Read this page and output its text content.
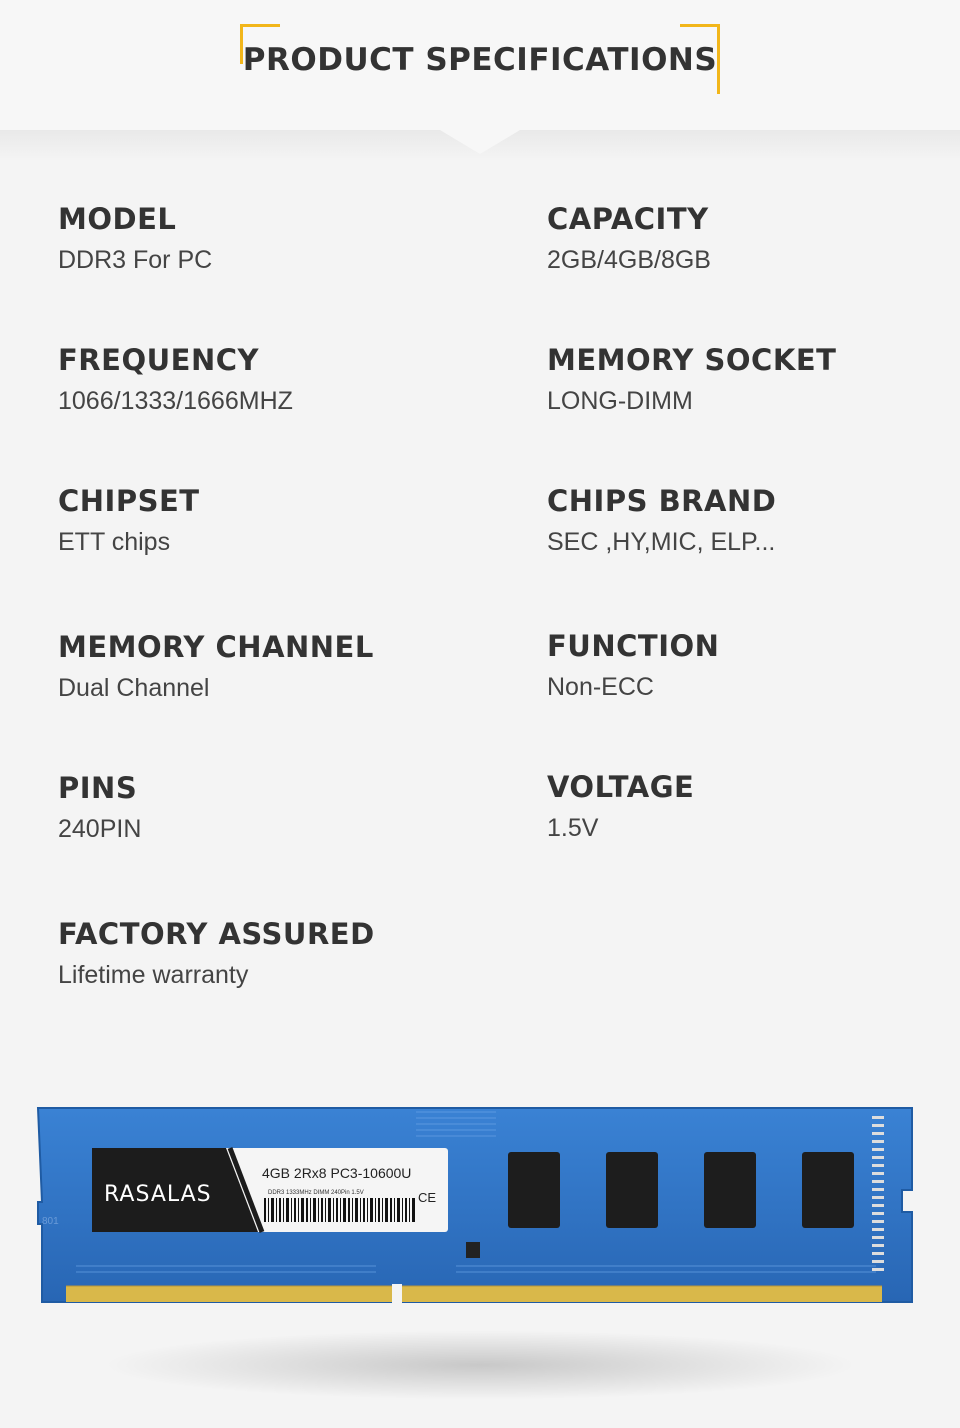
PRODUCT SPECIFICATIONS
MODEL
DDR3 For PC
CAPACITY
2GB/4GB/8GB
FREQUENCY
1066/1333/1666MHZ
MEMORY SOCKET
LONG-DIMM
CHIPSET
ETT chips
CHIPS BRAND
SEC ,HY,MIC, ELP...
MEMORY CHANNEL
Dual Channel
FUNCTION
Non-ECC
PINS
240PIN
VOLTAGE
1.5V
FACTORY ASSURED
Lifetime warranty
RASALAS
4GB 2Rx8 PC3-10600U
DDR3 1333MHz DIMM 240Pin 1.5V	CE
801
